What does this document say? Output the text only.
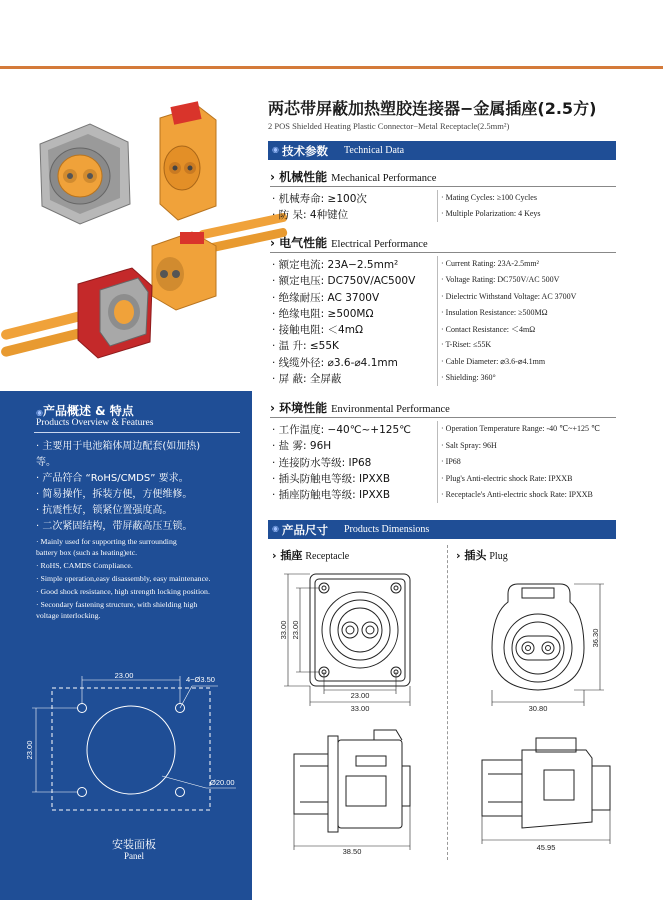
两芯带屏蔽加热塑胶连接器−金属插座(2.5方)
2 POS Shielded Heating Plastic Connector−Metal Receptacle(2.5mm²)
◉ 技术参数 Technical Data
› 机械性能 Mechanical Performance
· 机械寿命: ≥100次	· Mating Cycles: ≥100 Cycles
· 防 呆: 4种键位	· Multiple Polarization: 4 Keys
› 电气性能 Electrical Performance
· 额定电流: 23A−2.5mm²	· Current Rating: 23A-2.5mm²
· 额定电压: DC750V/AC500V	· Voltage Rating: DC750V/AC 500V
· 绝缘耐压: AC 3700V	· Dielectric Withstand Voltage: AC 3700V
· 绝缘电阻: ≥500MΩ	· Insulation Resistance: ≥500MΩ
· 接触电阻: ＜4mΩ	· Contact Resistance: ＜4mΩ
· 温 升: ≤55K	· T-Riset: ≤55K
· 线缆外径: ⌀3.6-⌀4.1mm	· Cable Diameter: ⌀3.6-⌀4.1mm
· 屏 蔽: 全屏蔽	· Shielding: 360°
› 环境性能 Environmental Performance
· 工作温度: −40℃~+125℃	· Operation Temperature Range: -40 ℃~+125 ℃
· 盐 雾: 96H	· Salt Spray: 96H
· 连接防水等级: IP68	· IP68
· 插头防触电等级: IPXXB	· Plug's Anti-electric shock Rate: IPXXB
· 插座防触电等级: IPXXB	· Receptacle's Anti-electric shock Rate: IPXXB
◉ 产品尺寸 Products Dimensions
› 插座 Receptacle	› 插头 Plug
33.00 23.00
23.00
33.00
38.50
36.30
30.80
45.95
◉产品概述 & 特点
Products Overview & Features
· 主要用于电池箱体周边配套(如加热)
等。
· 产品符合 “RoHS/CMDS” 要求。
· 简易操作，拆装方便，方便维修。
· 抗震性好，锁紧位置强度高。
· 二次紧固结构，带屏蔽高压互锁。
· Mainly used for supporting the surrounding
battery box (such as heating)etc.
· RoHS, CAMDS Compliance.
· Simple operation,easy disassembly, easy maintenance.
· Good shock resistance, high strength locking position.
· Secondary fastening structure, with shielding high
voltage interlocking.
23.00
23.00
4−Ø3.50
Ø20.00
安装面板
Panel
